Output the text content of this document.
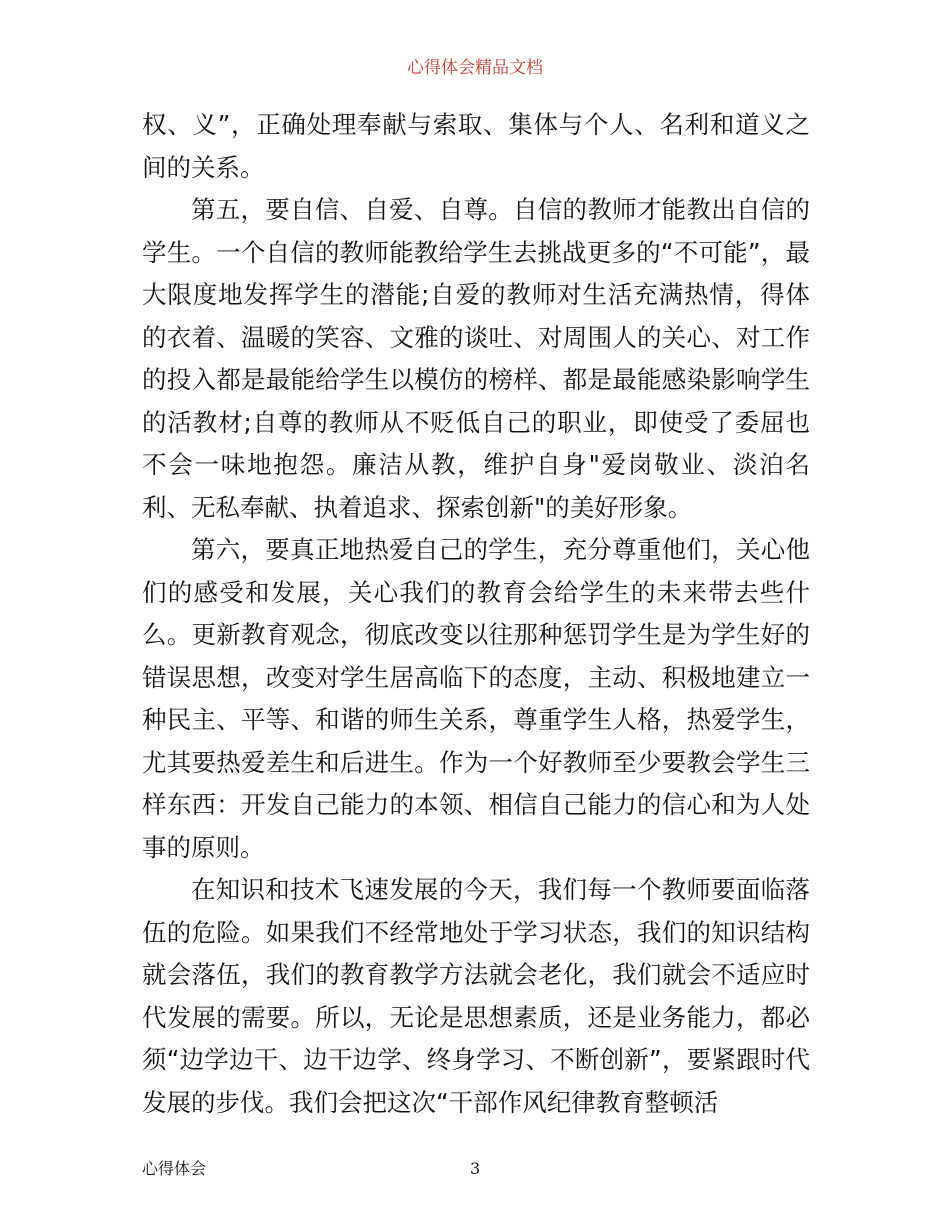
心得体会精品文档

权、义”，正确处理奉献与索取、集体与个人、名利和道义之间的关系。

第五，要自信、自爱、自尊。自信的教师才能教出自信的学生。一个自信的教师能教给学生去挑战更多的“不可能”，最大限度地发挥学生的潜能;自爱的教师对生活充满热情，得体的衣着、温暖的笑容、文雅的谈吐、对周围人的关心、对工作的投入都是最能给学生以模仿的榜样、都是最能感染影响学生的活教材;自尊的教师从不贬低自己的职业，即使受了委屈也不会一味地抱怨。廉洁从教，维护自身"爱岗敬业、淡泊名利、无私奉献、执着追求、探索创新"的美好形象。

第六，要真正地热爱自己的学生，充分尊重他们，关心他们的感受和发展，关心我们的教育会给学生的未来带去些什么。更新教育观念，彻底改变以往那种惩罚学生是为学生好的错误思想，改变对学生居高临下的态度，主动、积极地建立一种民主、平等、和谐的师生关系，尊重学生人格，热爱学生，尤其要热爱差生和后进生。作为一个好教师至少要教会学生三样东西：开发自己能力的本领、相信自己能力的信心和为人处事的原则。

在知识和技术飞速发展的今天，我们每一个教师要面临落伍的危险。如果我们不经常地处于学习状态，我们的知识结构就会落伍，我们的教育教学方法就会老化，我们就会不适应时代发展的需要。所以，无论是思想素质，还是业务能力，都必须“边学边干、边干边学、终身学习、不断创新”，要紧跟时代发展的步伐。我们会把这次“干部作风纪律教育整顿活

心得体会	3
